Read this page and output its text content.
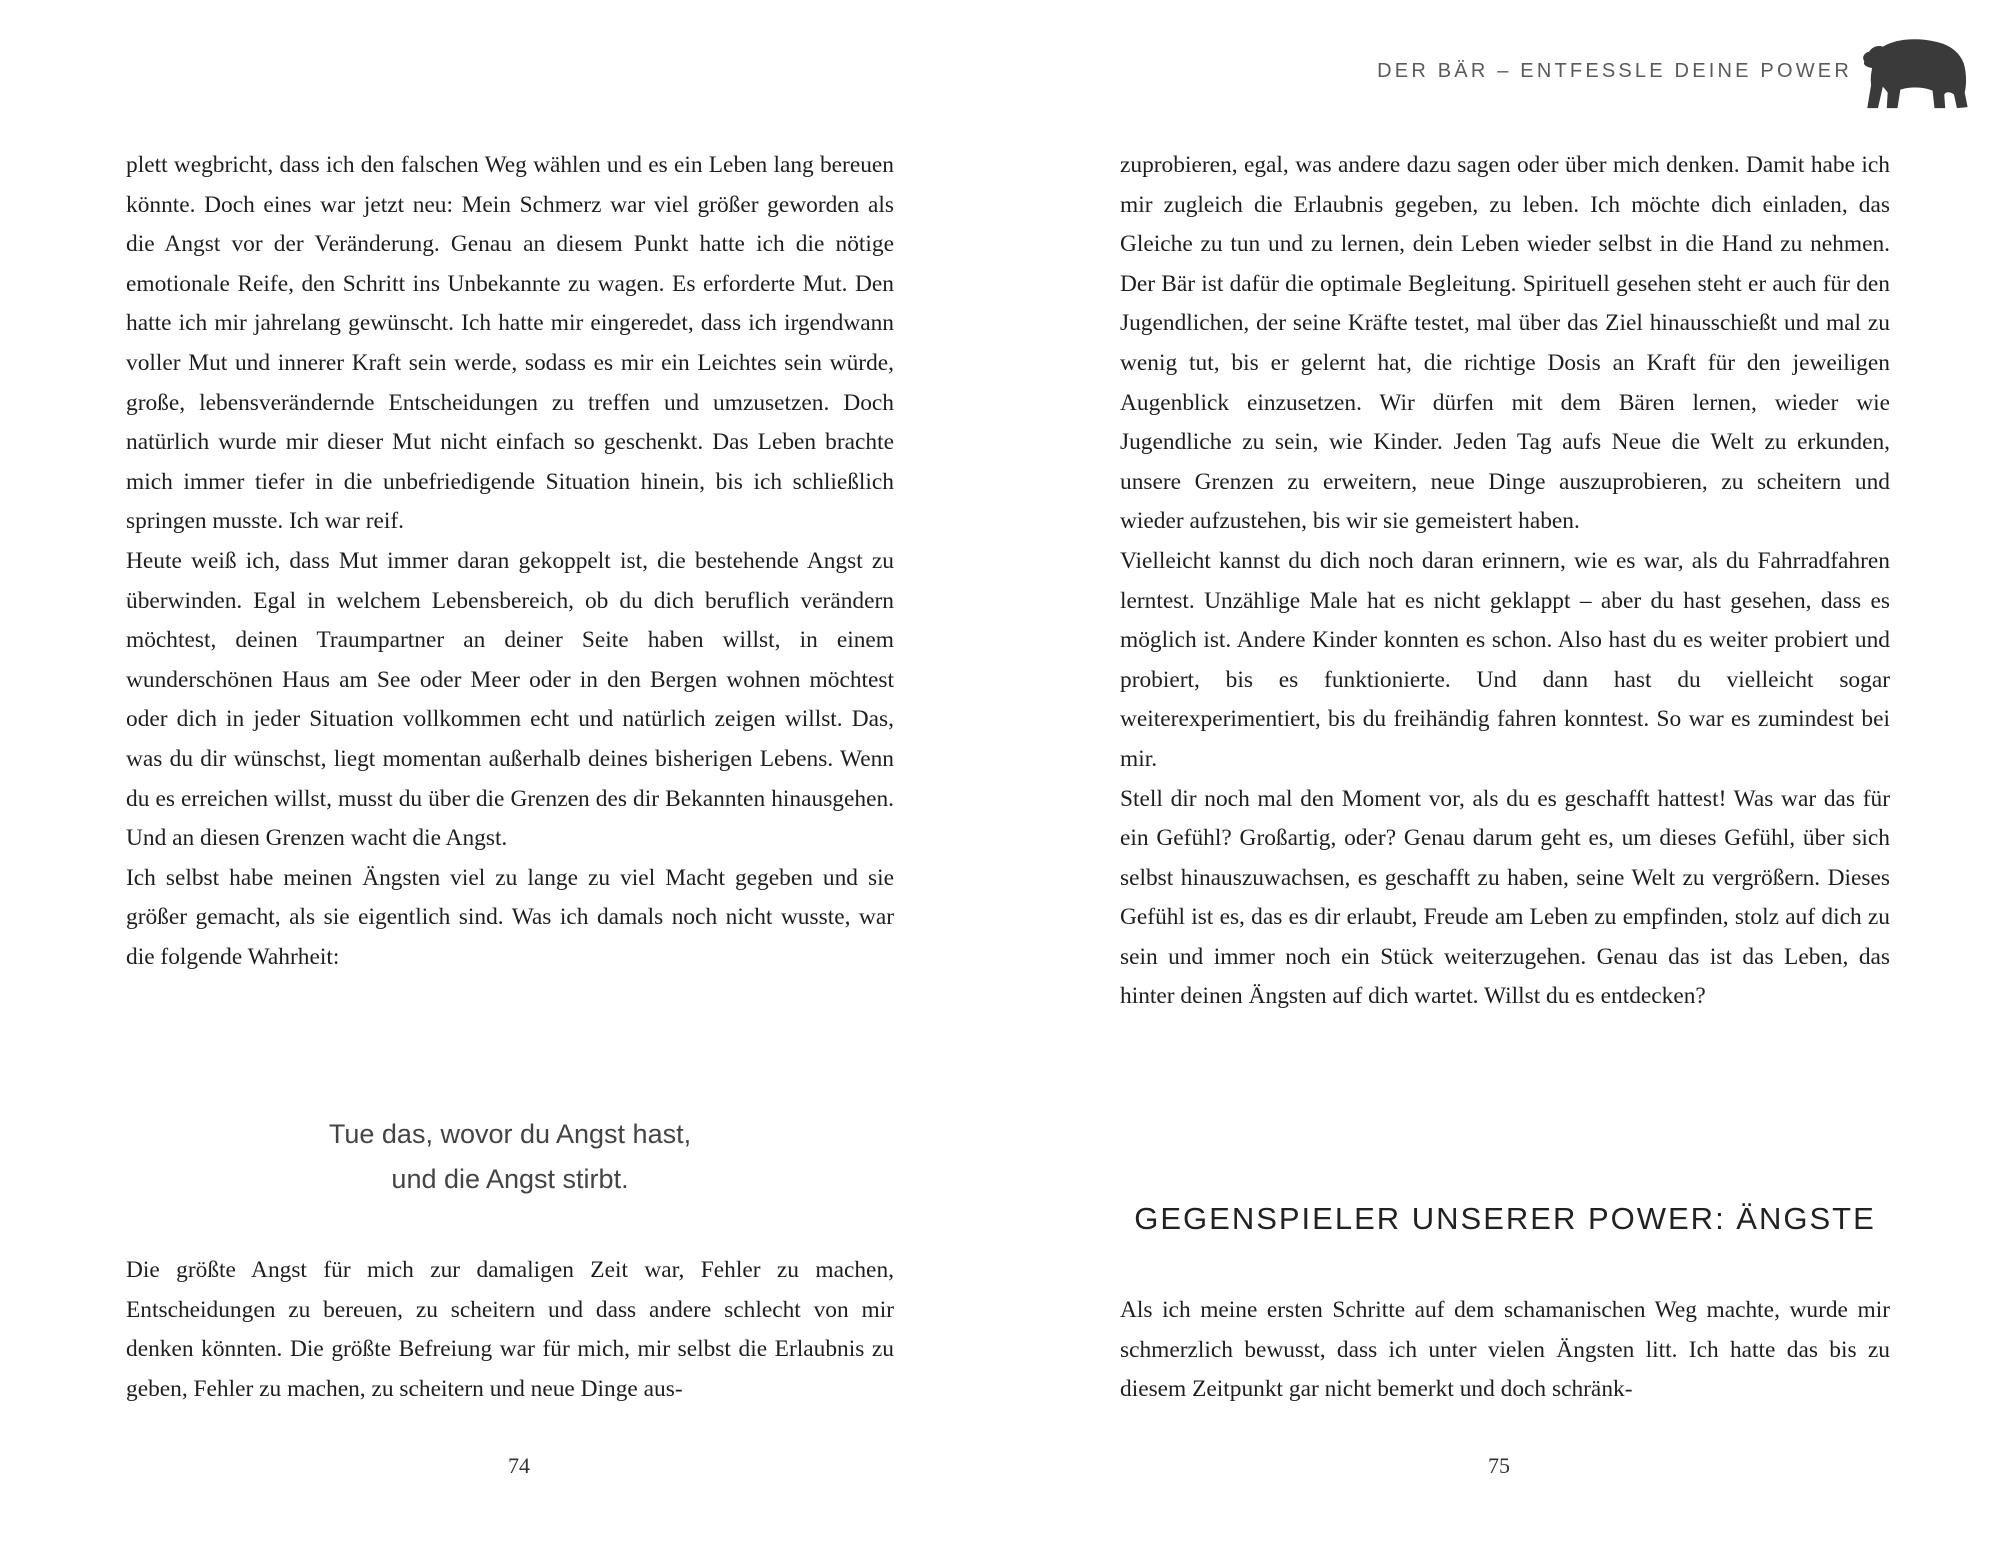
plett wegbricht, dass ich den falschen Weg wählen und es ein Leben lang bereuen könnte. Doch eines war jetzt neu: Mein Schmerz war viel größer geworden als die Angst vor der Veränderung. Genau an diesem Punkt hatte ich die nötige emotionale Reife, den Schritt ins Unbekannte zu wagen. Es erforderte Mut. Den hatte ich mir jahrelang gewünscht. Ich hatte mir eingeredet, dass ich irgendwann voller Mut und innerer Kraft sein werde, sodass es mir ein Leichtes sein würde, große, lebensverändernde Entscheidungen zu treffen und umzusetzen. Doch natürlich wurde mir dieser Mut nicht einfach so geschenkt. Das Leben brachte mich immer tiefer in die unbefriedigende Situation hinein, bis ich schließlich springen musste. Ich war reif.

Heute weiß ich, dass Mut immer daran gekoppelt ist, die bestehende Angst zu überwinden. Egal in welchem Lebensbereich, ob du dich beruflich verändern möchtest, deinen Traumpartner an deiner Seite haben willst, in einem wunderschönen Haus am See oder Meer oder in den Bergen wohnen möchtest oder dich in jeder Situation vollkommen echt und natürlich zeigen willst. Das, was du dir wünschst, liegt momentan außerhalb deines bisherigen Lebens. Wenn du es erreichen willst, musst du über die Grenzen des dir Bekannten hinausgehen. Und an diesen Grenzen wacht die Angst.

Ich selbst habe meinen Ängsten viel zu lange zu viel Macht gegeben und sie größer gemacht, als sie eigentlich sind. Was ich damals noch nicht wusste, war die folgende Wahrheit:

Tue das, wovor du Angst hast,
und die Angst stirbt.

Die größte Angst für mich zur damaligen Zeit war, Fehler zu machen, Entscheidungen zu bereuen, zu scheitern und dass andere schlecht von mir denken könnten. Die größte Befreiung war für mich, mir selbst die Erlaubnis zu geben, Fehler zu machen, zu scheitern und neue Dinge aus-

74
DER BÄR – ENTFESSLE DEINE POWER

zuprobieren, egal, was andere dazu sagen oder über mich denken. Damit habe ich mir zugleich die Erlaubnis gegeben, zu leben. Ich möchte dich einladen, das Gleiche zu tun und zu lernen, dein Leben wieder selbst in die Hand zu nehmen. Der Bär ist dafür die optimale Begleitung. Spirituell gesehen steht er auch für den Jugendlichen, der seine Kräfte testet, mal über das Ziel hinausschießt und mal zu wenig tut, bis er gelernt hat, die richtige Dosis an Kraft für den jeweiligen Augenblick einzusetzen. Wir dürfen mit dem Bären lernen, wieder wie Jugendliche zu sein, wie Kinder. Jeden Tag aufs Neue die Welt zu erkunden, unsere Grenzen zu erweitern, neue Dinge auszuprobieren, zu scheitern und wieder aufzustehen, bis wir sie gemeistert haben.

Vielleicht kannst du dich noch daran erinnern, wie es war, als du Fahrradfahren lerntest. Unzählige Male hat es nicht geklappt – aber du hast gesehen, dass es möglich ist. Andere Kinder konnten es schon. Also hast du es weiter probiert und probiert, bis es funktionierte. Und dann hast du vielleicht sogar weiterexperimentiert, bis du freihändig fahren konntest. So war es zumindest bei mir.

Stell dir noch mal den Moment vor, als du es geschafft hattest! Was war das für ein Gefühl? Großartig, oder? Genau darum geht es, um dieses Gefühl, über sich selbst hinauszuwachsen, es geschafft zu haben, seine Welt zu vergrößern. Dieses Gefühl ist es, das es dir erlaubt, Freude am Leben zu empfinden, stolz auf dich zu sein und immer noch ein Stück weiterzugehen. Genau das ist das Leben, das hinter deinen Ängsten auf dich wartet. Willst du es entdecken?

GEGENSPIELER UNSERER POWER: ÄNGSTE

Als ich meine ersten Schritte auf dem schamanischen Weg machte, wurde mir schmerzlich bewusst, dass ich unter vielen Ängsten litt. Ich hatte das bis zu diesem Zeitpunkt gar nicht bemerkt und doch schränk-

75
